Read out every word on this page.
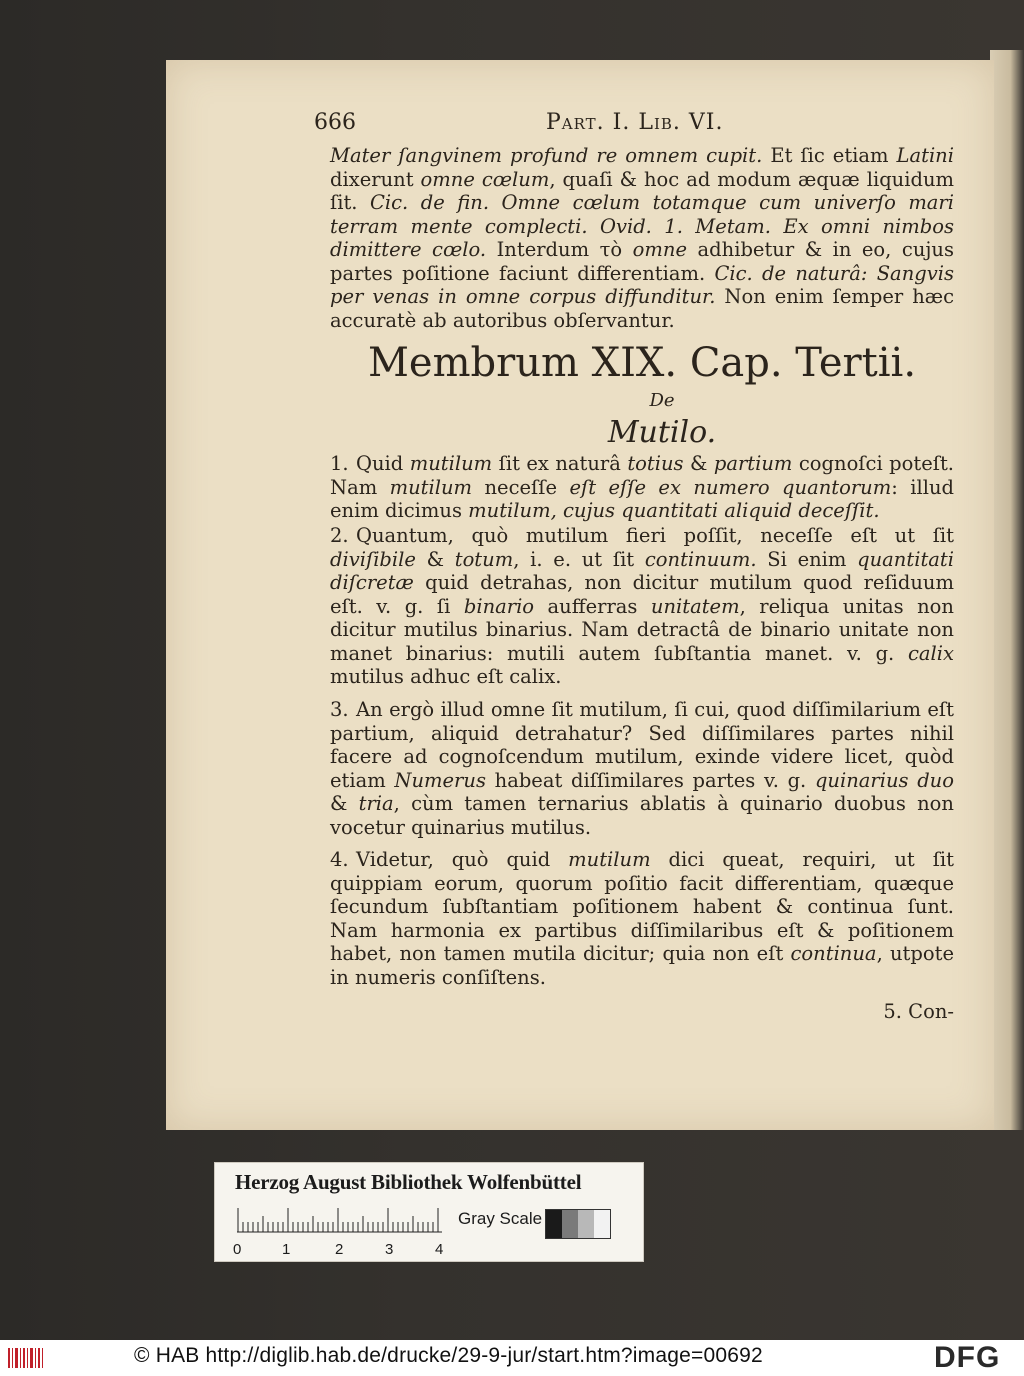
666	Part. I. Lib. VI.
Mater ſangvinem profund re omnem cupit. Et ſic etiam Latini dixerunt omne cœlum, quaſi & hoc ad modum æquæ liquidum ſit. Cic. de fin. Omne cœlum totamque cum univerſo mari terram mente complecti. Ovid. 1. Metam. Ex omni nimbos dimittere cœlo. Interdum τὸ omne adhibetur & in eo, cujus partes poſitione faciunt differentiam. Cic. de naturâ: Sangvis per venas in omne corpus diffunditur. Non enim ſemper hæc accuratè ab autoribus obſervantur.
Membrum XIX. Cap. Tertii.
De
Mutilo.
1. Quid mutilum ſit ex naturâ totius & partium cognoſci poteſt. Nam mutilum neceſſe eſt eſſe ex numero quantorum: illud enim dicimus mutilum, cujus quantitati aliquid deceſſit.
2. Quantum, quò mutilum fieri poſſit, neceſſe eſt ut ſit diviſibile & totum, i. e. ut ſit continuum. Si enim quantitati diſcretæ quid detrahas, non dicitur mutilum quod reſiduum eſt. v. g. ſi binario aufferras unitatem, reliqua unitas non dicitur mutilus binarius. Nam detractâ de binario unitate non manet binarius: mutili autem ſubſtantia manet. v. g. calix mutilus adhuc eſt calix.
3. An ergò illud omne ſit mutilum, ſi cui, quod diſſimilarium eſt partium, aliquid detrahatur? Sed diſſimilares partes nihil facere ad cognoſcendum mutilum, exinde videre licet, quòd etiam Numerus habeat diſſimilares partes v. g. quinarius duo & tria, cùm tamen ternarius ablatis à quinario duobus non vocetur quinarius mutilus.
4. Videtur, quò quid mutilum dici queat, requiri, ut ſit quippiam eorum, quorum poſitio facit differentiam, quæque ſecundum ſubſtantiam poſitionem habent & continua ſunt. Nam harmonia ex partibus diſſimilaribus eſt & poſitionem habet, non tamen mutila dicitur; quia non eſt continua, utpote in numeris conſiſtens.
5. Con-
Herzog August Bibliothek Wolfenbüttel
0	1	2	3	4
Gray Scale
© HAB http://diglib.hab.de/drucke/29-9-jur/start.htm?image=00692	DFG
